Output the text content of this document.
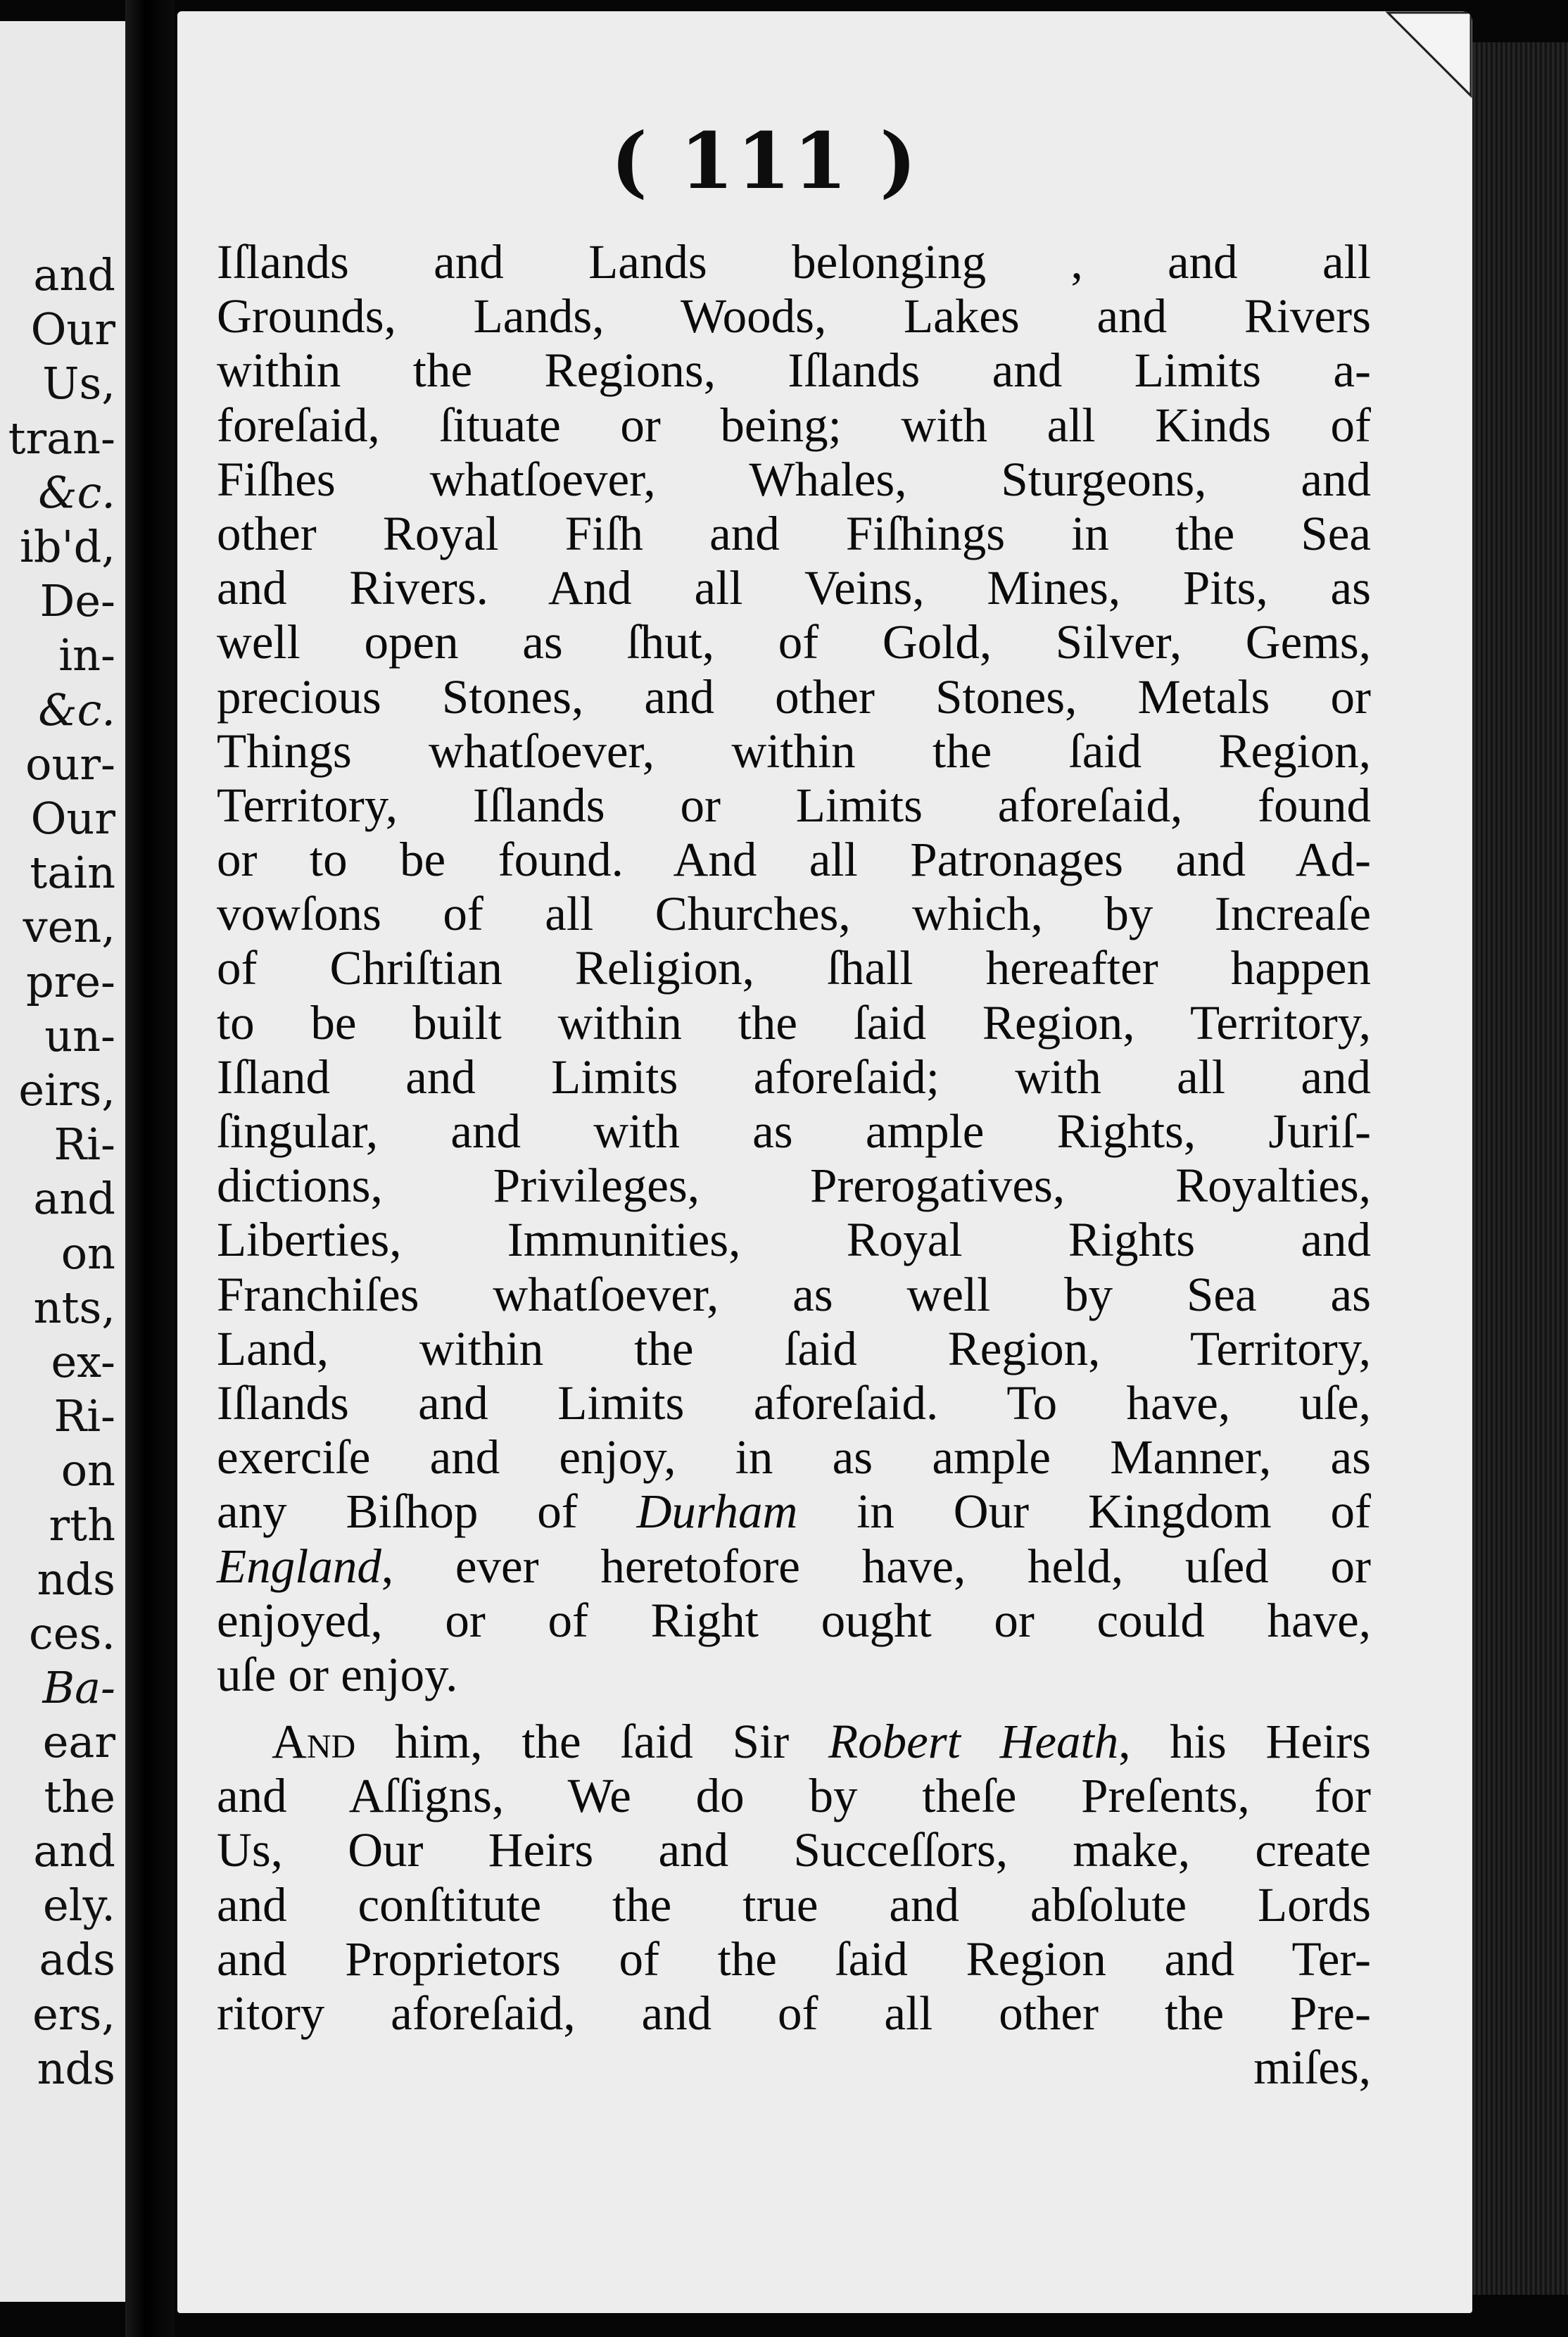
and
Our
Us,
tran-
&c.
ib'd,
De-
in-
&c.
our-
Our
tain
ven,
pre-
un-
eirs,
Ri-
and
on
nts,
ex-
Ri-
on
rth
nds
ces.
Ba-
ear
the
and
ely.
ads
ers,
nds
( 111 )
Iſlands and Lands belonging , and all
Grounds, Lands, Woods, Lakes and Rivers
within the Regions, Iſlands and Limits a-
foreſaid, ſituate or being; with all Kinds of
Fiſhes whatſoever, Whales, Sturgeons, and
other Royal Fiſh and Fiſhings in the Sea
and Rivers. And all Veins, Mines, Pits, as
well open as ſhut, of Gold, Silver, Gems,
precious Stones, and other Stones, Metals or
Things whatſoever, within the ſaid Region,
Territory, Iſlands or Limits aforeſaid, found
or to be found. And all Patronages and Ad-
vowſons of all Churches, which, by Increaſe
of Chriſtian Religion, ſhall hereafter happen
to be built within the ſaid Region, Territory,
Iſland and Limits aforeſaid; with all and
ſingular, and with as ample Rights, Juriſ-
dictions, Privileges, Prerogatives, Royalties,
Liberties, Immunities, Royal Rights and
Franchiſes whatſoever, as well by Sea as
Land, within the ſaid Region, Territory,
Iſlands and Limits aforeſaid. To have, uſe,
exerciſe and enjoy, in as ample Manner, as
any Biſhop of Durham in Our Kingdom of
England, ever heretofore have, held, uſed or
enjoyed, or of Right ought or could have,
uſe or enjoy.
And him, the ſaid Sir Robert Heath, his Heirs
and Aſſigns, We do by theſe Preſents, for
Us, Our Heirs and Succeſſors, make, create
and conſtitute the true and abſolute Lords
and Proprietors of the ſaid Region and Ter-
ritory aforeſaid, and of all other the Pre-
miſes,
